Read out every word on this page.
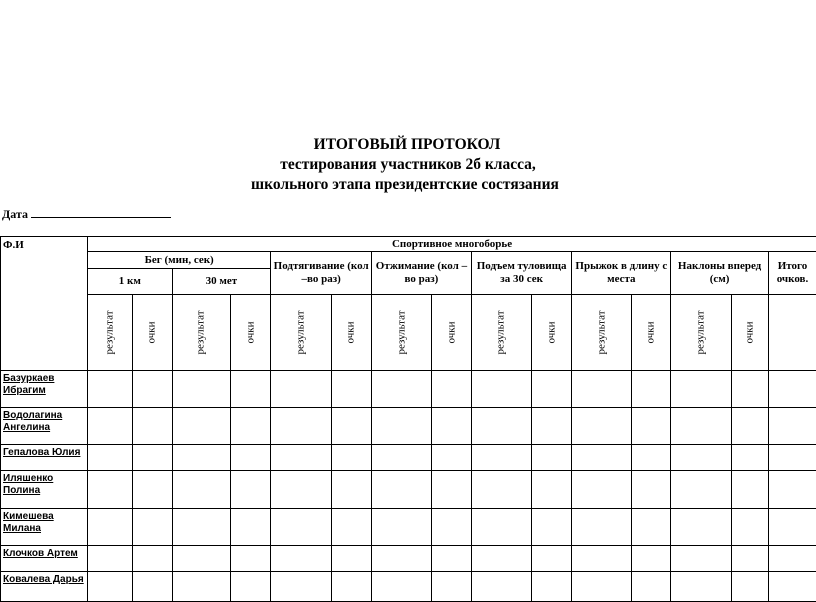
ИТОГОВЫЙ ПРОТОКОЛ
тестирования участников 2б класса,
школьного этапа президентские состязания
Дата
Ф.И	Спортивное многоборье														
	Бег (мин, сек)				Подтягивание (кол –во раз)		Отжимание (кол – во раз)		Подъем туловища за 30 сек		Прыжок в длину с места		Наклоны вперед (см)		Итого очков.
	1 км		30 мет												
	результат	очки	результат	очки	результат	очки	результат	очки	результат	очки	результат	очки	результат	очки	
Базуркаев Ибрагим															
Водолагина Ангелина															
Гепалова Юлия															
Иляшенко Полина															
Кимешева Милана															
Клочков Артем															
Ковалева Дарья															
